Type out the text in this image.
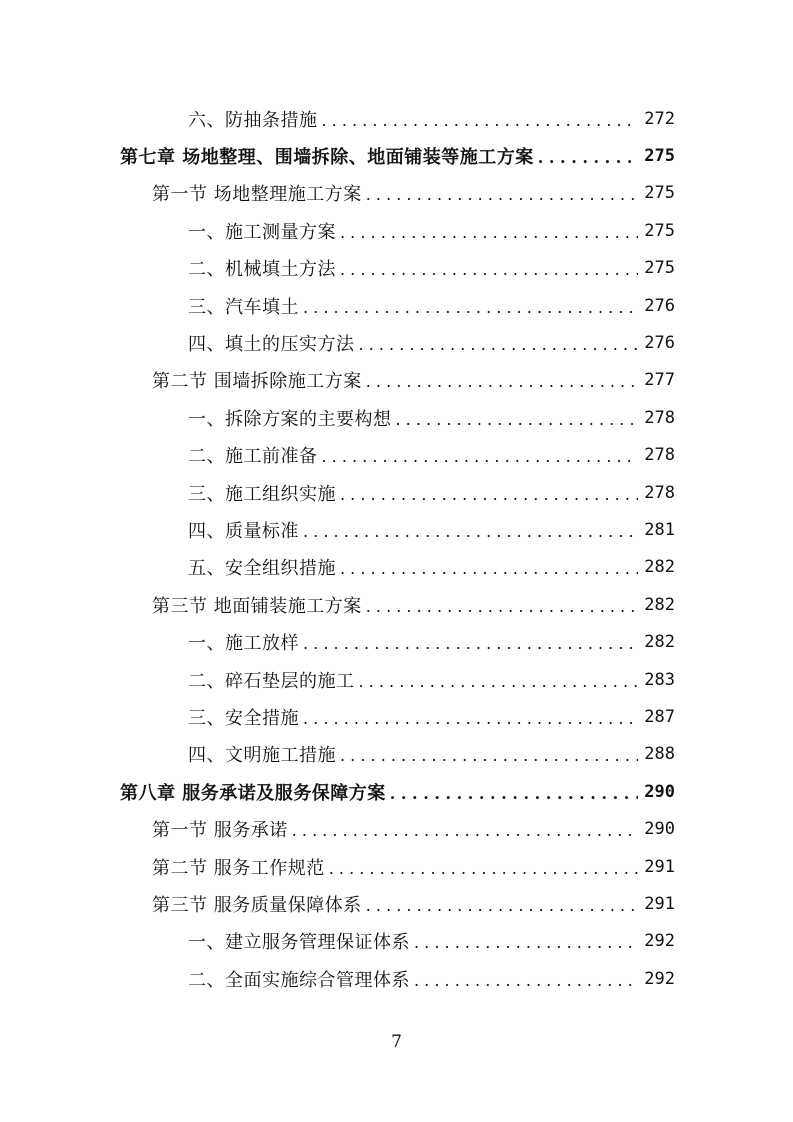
六、防抽条措施 . . .	272
第七章 场地整理、围墙拆除、地面铺装等施工方案 . . .	275
第一节 场地整理施工方案 . . .	275
一、施工测量方案 . . .	275
二、机械填土方法 . . .	275
三、汽车填土 . . .	276
四、填土的压实方法 . . .	276
第二节 围墙拆除施工方案 . . .	277
一、拆除方案的主要构想 . . .	278
二、施工前准备 . . .	278
三、施工组织实施 . . .	278
四、质量标准 . . .	281
五、安全组织措施 . . .	282
第三节 地面铺装施工方案 . . .	282
一、施工放样 . . .	282
二、碎石垫层的施工 . . .	283
三、安全措施 . . .	287
四、文明施工措施 . . .	288
第八章 服务承诺及服务保障方案 . . .	290
第一节 服务承诺 . . .	290
第二节 服务工作规范 . . .	291
第三节 服务质量保障体系 . . .	291
一、建立服务管理保证体系 . . .	292
二、全面实施综合管理体系 . . .	292
7
